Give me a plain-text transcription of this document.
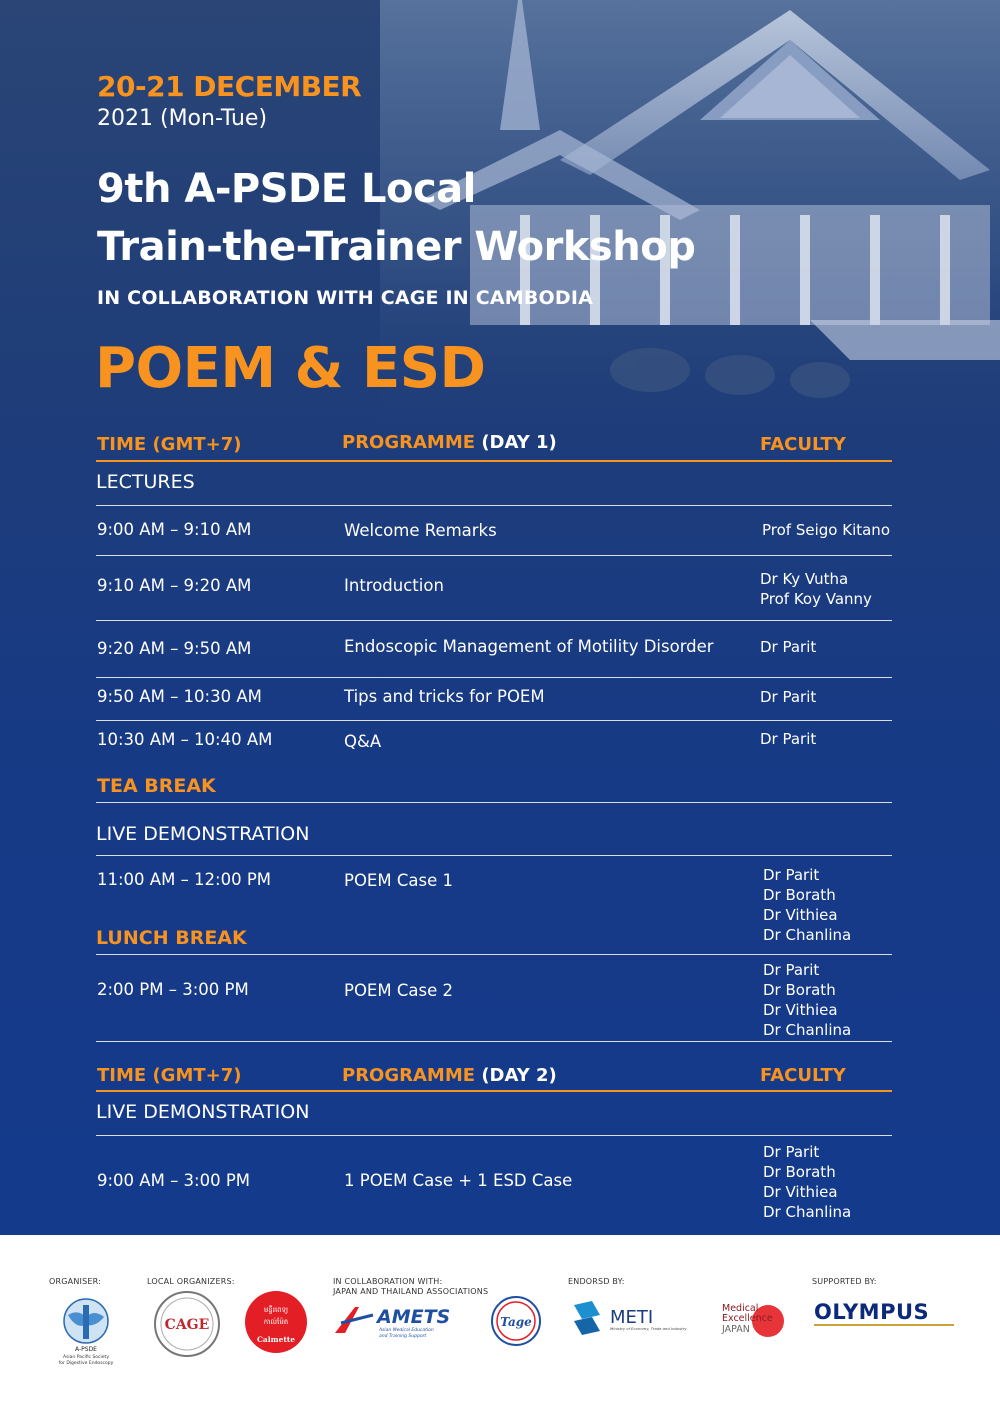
20-21 DECEMBER
2021 (Mon-Tue)
9th A-PSDE Local
Train-the-Trainer Workshop
IN COLLABORATION WITH CAGE IN CAMBODIA
POEM & ESD
TIME (GMT+7)	PROGRAMME (DAY 1)	FACULTY
LECTURES
9:00 AM – 9:10 AM	Welcome Remarks	Prof Seigo Kitano
9:10 AM – 9:20 AM	Introduction	Dr Ky Vutha
Prof Koy Vanny
9:20 AM – 9:50 AM	Endoscopic Management of Motility Disorder	Dr Parit
9:50 AM – 10:30 AM	Tips and tricks for POEM	Dr Parit
10:30 AM – 10:40 AM	Q&A	Dr Parit
TEA BREAK
LIVE DEMONSTRATION
11:00 AM – 12:00 PM	POEM Case 1	Dr Parit
Dr Borath
Dr Vithiea
Dr Chanlina
LUNCH BREAK
2:00 PM – 3:00 PM	POEM Case 2
Dr Parit
Dr Borath
Dr Vithiea
Dr Chanlina
TIME (GMT+7)	PROGRAMME (DAY 2)	FACULTY
LIVE DEMONSTRATION
9:00 AM – 3:00 PM	1 POEM Case + 1 ESD Case
Dr Parit
Dr Borath
Dr Vithiea
Dr Chanlina
ORGANISER:	LOCAL ORGANIZERS:	IN COLLABORATION WITH:
JAPAN AND THAILAND ASSOCIATIONS
ENDORSD BY:	SUPPORTED BY:
A-PSDE
Asian Pacific Society
for Digestive Endoscopy
CAGE
មន្ទីរពេទ្យ
កាល់ម៉ែត
Calmette
AMETS
Asian Medical Education
and Training Support
Tage	METI
Ministry of Economy, Trade and Industry
Medical
Excellence
JAPAN
OLYMPUS
